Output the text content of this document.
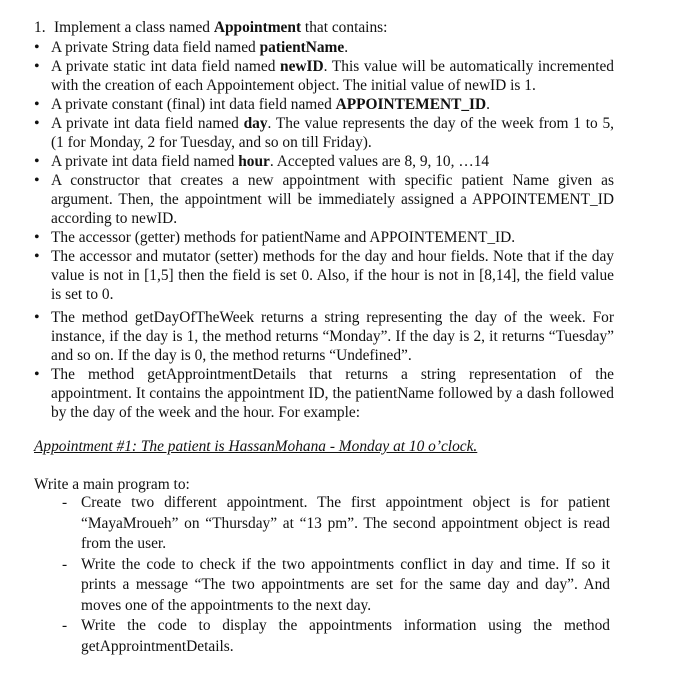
1. Implement a class named Appointment that contains:
• A private String data field named patientName.
• A private static int data field named newID. This value will be automatically incremented with the creation of each Appointement object. The initial value of newID is 1.
• A private constant (final) int data field named APPOINTEMENT_ID.
• A private int data field named day. The value represents the day of the week from 1 to 5, (1 for Monday, 2 for Tuesday, and so on till Friday).
• A private int data field named hour. Accepted values are 8, 9, 10, …14
• A constructor that creates a new appointment with specific patient Name given as argument. Then, the appointment will be immediately assigned a APPOINTEMENT_ID according to newID.
• The accessor (getter) methods for patientName and APPOINTEMENT_ID.
• The accessor and mutator (setter) methods for the day and hour fields. Note that if the day value is not in [1,5] then the field is set 0. Also, if the hour is not in [8,14], the field value is set to 0.
• The method getDayOfTheWeek returns a string representing the day of the week. For instance, if the day is 1, the method returns “Monday”. If the day is 2, it returns “Tuesday” and so on. If the day is 0, the method returns “Undefined”.
• The method getApprointmentDetails that returns a string representation of the appointment. It contains the appointment ID, the patientName followed by a dash followed by the day of the week and the hour. For example:
Appointment #1: The patient is HassanMohana - Monday at 10 o’clock.
Write a main program to:
- Create two different appointment. The first appointment object is for patient “MayaMroueh” on “Thursday” at “13 pm”. The second appointment object is read from the user.
- Write the code to check if the two appointments conflict in day and time. If so it prints a message “The two appointments are set for the same day and day”. And moves one of the appointments to the next day.
- Write the code to display the appointments information using the method getApprointmentDetails.
